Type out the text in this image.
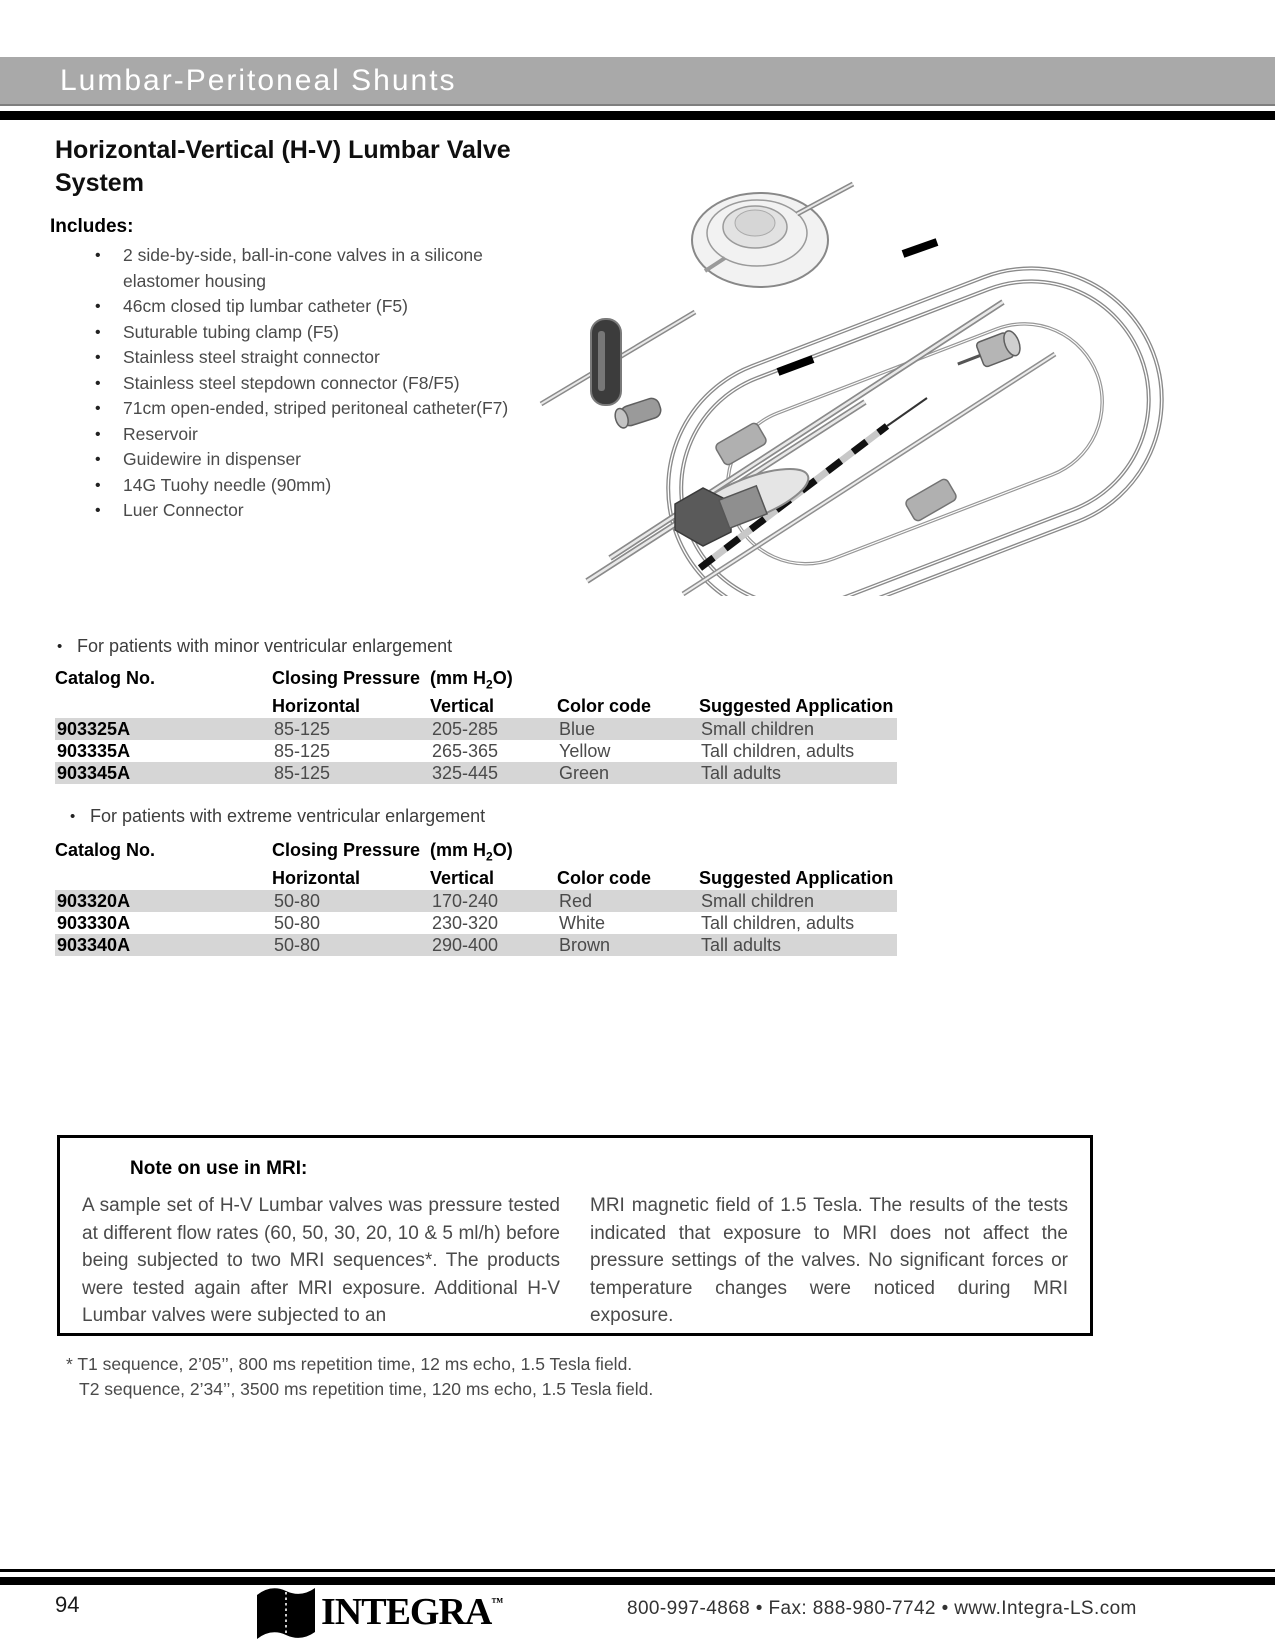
Lumbar-Peritoneal Shunts
Horizontal-Vertical (H-V) Lumbar Valve System
Includes:
• 2 side-by-side, ball-in-cone valves in a silicone elastomer housing
• 46cm closed tip lumbar catheter (F5)
• Suturable tubing clamp (F5)
• Stainless steel straight connector
• Stainless steel stepdown connector (F8/F5)
• 71cm open-ended, striped peritoneal catheter(F7)
• Reservoir
• Guidewire in dispenser
• 14G Tuohy needle (90mm)
• Luer Connector
• For patients with minor ventricular enlargement
Catalog No.	Closing Pressure (mm $H_2O$)
Horizontal	Vertical	Color code	Suggested Application
903325A	85-125	205-285	Blue	Small children
903335A	85-125	265-365	Yellow	Tall children, adults
903345A	85-125	325-445	Green	Tall adults
• For patients with extreme ventricular enlargement
Catalog No.	Closing Pressure (mm $H_2O$)
Horizontal	Vertical	Color code	Suggested Application
903320A	50-80	170-240	Red	Small children
903330A	50-80	230-320	White	Tall children, adults
903340A	50-80	290-400	Brown	Tall adults
Note on use in MRI:
A sample set of H-V Lumbar valves was pressure tested at different flow rates (60, 50, 30, 20, 10 & 5 ml/h) before being subjected to two MRI sequences*. The products were tested again after MRI exposure. Additional H-V Lumbar valves were subjected to an
MRI magnetic field of 1.5 Tesla. The results of the tests indicated that exposure to MRI does not affect the pressure settings of the valves. No significant forces or temperature changes were noticed during MRI exposure.
* T1 sequence, 2’05’’, 800 ms repetition time, 12 ms echo, 1.5 Tesla field.
T2 sequence, 2’34’’, 3500 ms repetition time, 120 ms echo, 1.5 Tesla field.
94	INTEGRA™	800-997-4868 • Fax: 888-980-7742 • www.Integra-LS.com
